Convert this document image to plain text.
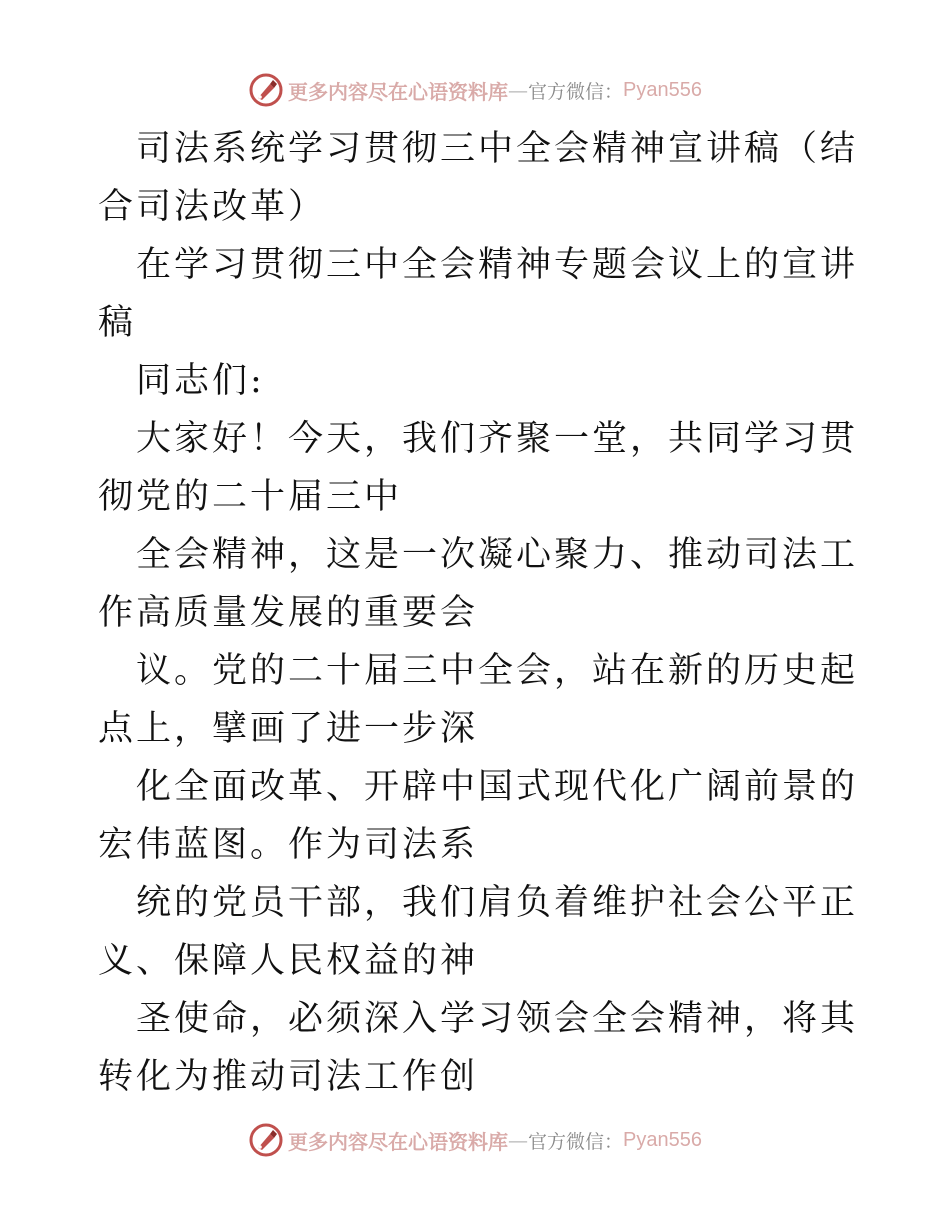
更多内容尽在心语资料库 — 官方微信： Pyan556

司法系统学习贯彻三中全会精神宣讲稿（结合司法改革）

在学习贯彻三中全会精神专题会议上的宣讲稿

同志们:

大家好！今天，我们齐聚一堂，共同学习贯彻党的二十届三中

全会精神，这是一次凝心聚力、推动司法工作高质量发展的重要会

议。党的二十届三中全会，站在新的历史起点上，擘画了进一步深

化全面改革、开辟中国式现代化广阔前景的宏伟蓝图。作为司法系

统的党员干部，我们肩负着维护社会公平正义、保障人民权益的神

圣使命，必须深入学习领会全会精神，将其转化为推动司法工作创

更多内容尽在心语资料库 — 官方微信： Pyan556
